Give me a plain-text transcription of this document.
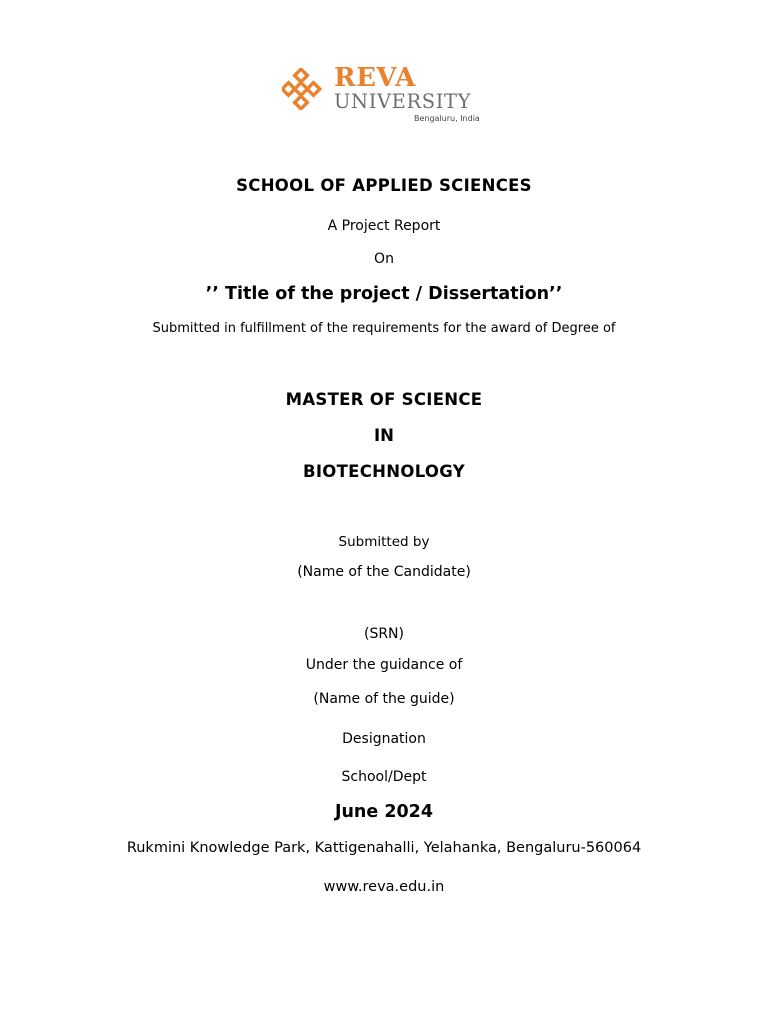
REVA
UNIVERSITY
Bengaluru, India
SCHOOL OF APPLIED SCIENCES
A Project Report
On
’’ Title of the project / Dissertation’’
Submitted in fulfillment of the requirements for the award of Degree of
MASTER OF SCIENCE
IN
BIOTECHNOLOGY
Submitted by
(Name of the Candidate)
(SRN)
Under the guidance of
(Name of the guide)
Designation
School/Dept
June 2024
Rukmini Knowledge Park, Kattigenahalli, Yelahanka, Bengaluru-560064
www.reva.edu.in
